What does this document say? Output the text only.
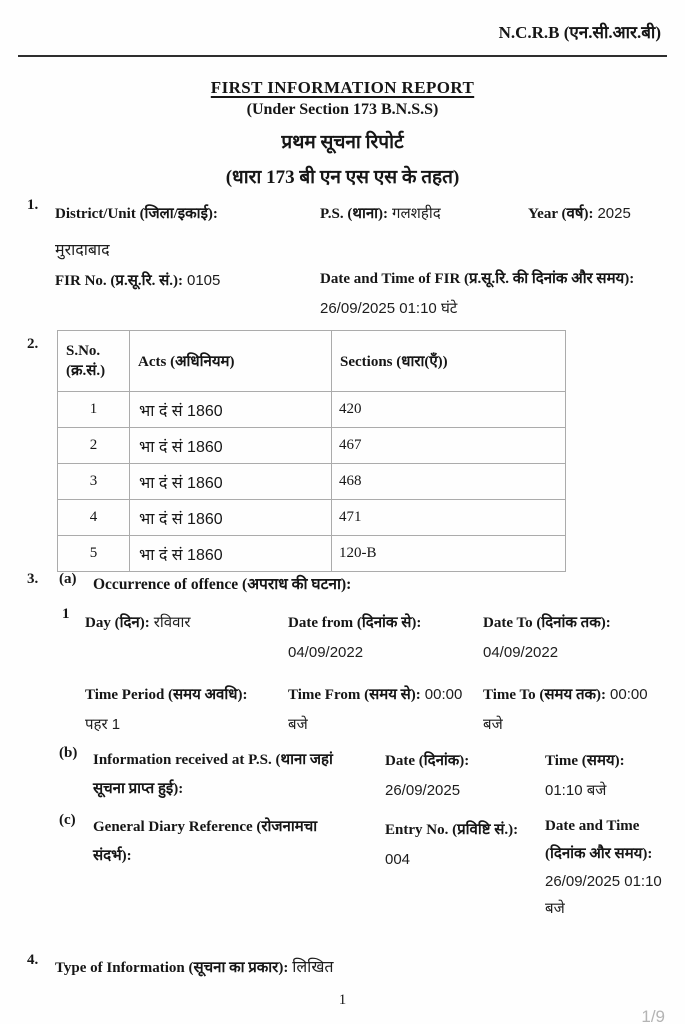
N.C.R.B (एन.सी.आर.बी)
FIRST INFORMATION REPORT
(Under Section 173 B.N.S.S)
प्रथम सूचना रिपोर्ट
(धारा 173 बी एन एस एस के तहत)
1.
District/Unit (जिला/इकाई):
मुरादाबाद
P.S. (थाना): गलशहीद	Year (वर्ष): 2025
FIR No. (प्र.सू.रि. सं.): 0105	Date and Time of FIR (प्र.सू.रि. की दिनांक और समय): 26/09/2025 01:10 घंटे
2. S.No. (क्र.सं.)	Acts (अधिनियम)	Sections (धारा(एँ))
1	भा दं सं 1860	420
2	भा दं सं 1860	467
3	भा दं सं 1860	468
4	भा दं सं 1860	471
5	भा दं सं 1860	120-B
3. (a) Occurrence of offence (अपराध की घटना):
1
Day (दिन): रविवार	Date from (दिनांक से): 04/09/2022
Date To (दिनांक तक): 04/09/2022
Time Period (समय अवधि): पहर 1
Time From (समय से): 00:00 बजे
Time To (समय तक): 00:00 बजे
(b) Information received at P.S. (थाना जहां सूचना प्राप्त हुई):
Date (दिनांक): 26/09/2025
Time (समय): 01:10 बजे
(c) General Diary Reference (रोजनामचा संदर्भ):
Entry No. (प्रविष्टि सं.): 004
Date and Time (दिनांक और समय): 26/09/2025 01:10 बजे
4. Type of Information (सूचना का प्रकार): लिखित
1
1/9
